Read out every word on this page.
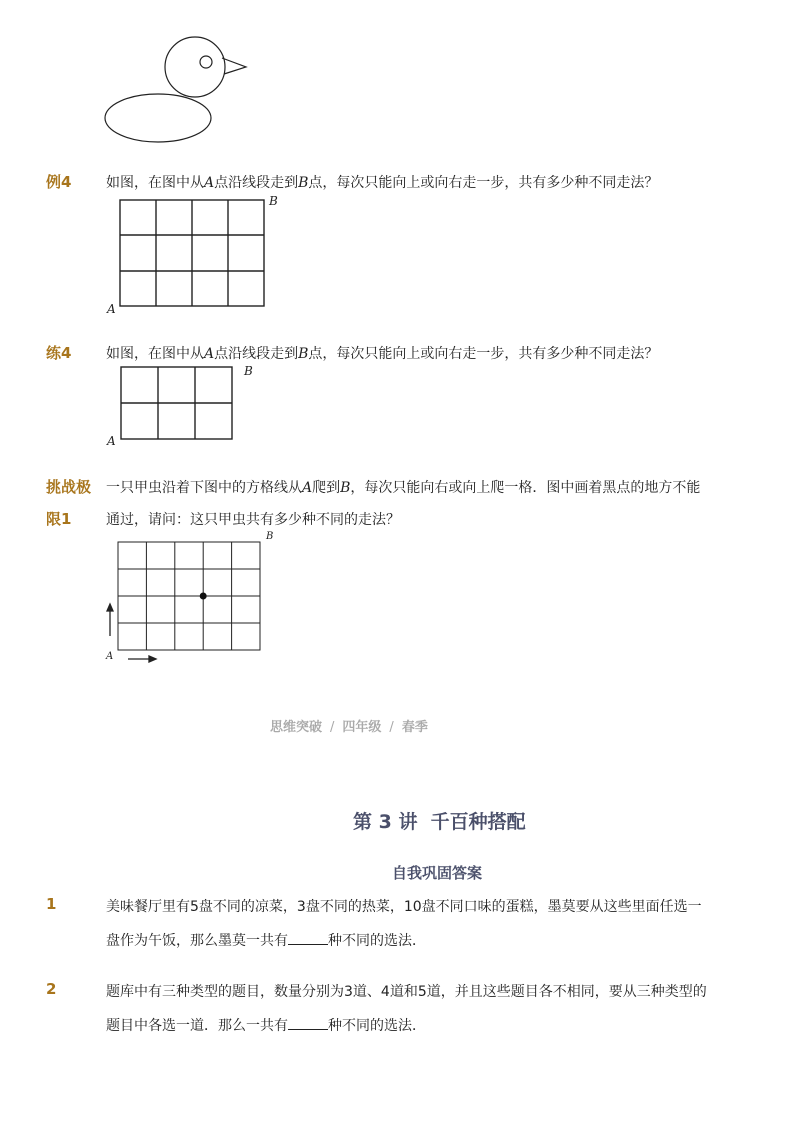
例4 如图，在图中从A点沿线段走到B点，每次只能向上或向右走一步，共有多少种不同走法？
A
B
练4 如图，在图中从A点沿线段走到B点，每次只能向上或向右走一步，共有多少种不同走法？
A
B
挑战极
限1
一只甲虫沿着下图中的方格线从A爬到B，每次只能向右或向上爬一格．图中画着黑点的地方不能
通过，请问：这只甲虫共有多少种不同的走法？
A
B
思维突破 / 四年级 / 春季
第 3 讲  千百种搭配
自我巩固答案
1	美味餐厅里有5盘不同的凉菜，3盘不同的热菜，10盘不同口味的蛋糕，墨莫要从这些里面任选一
盘作为午饭，那么墨莫一共有	种不同的选法．
2	题库中有三种类型的题目，数量分别为3道、4道和5道，并且这些题目各不相同，要从三种类型的
题目中各选一道．那么一共有	种不同的选法．
